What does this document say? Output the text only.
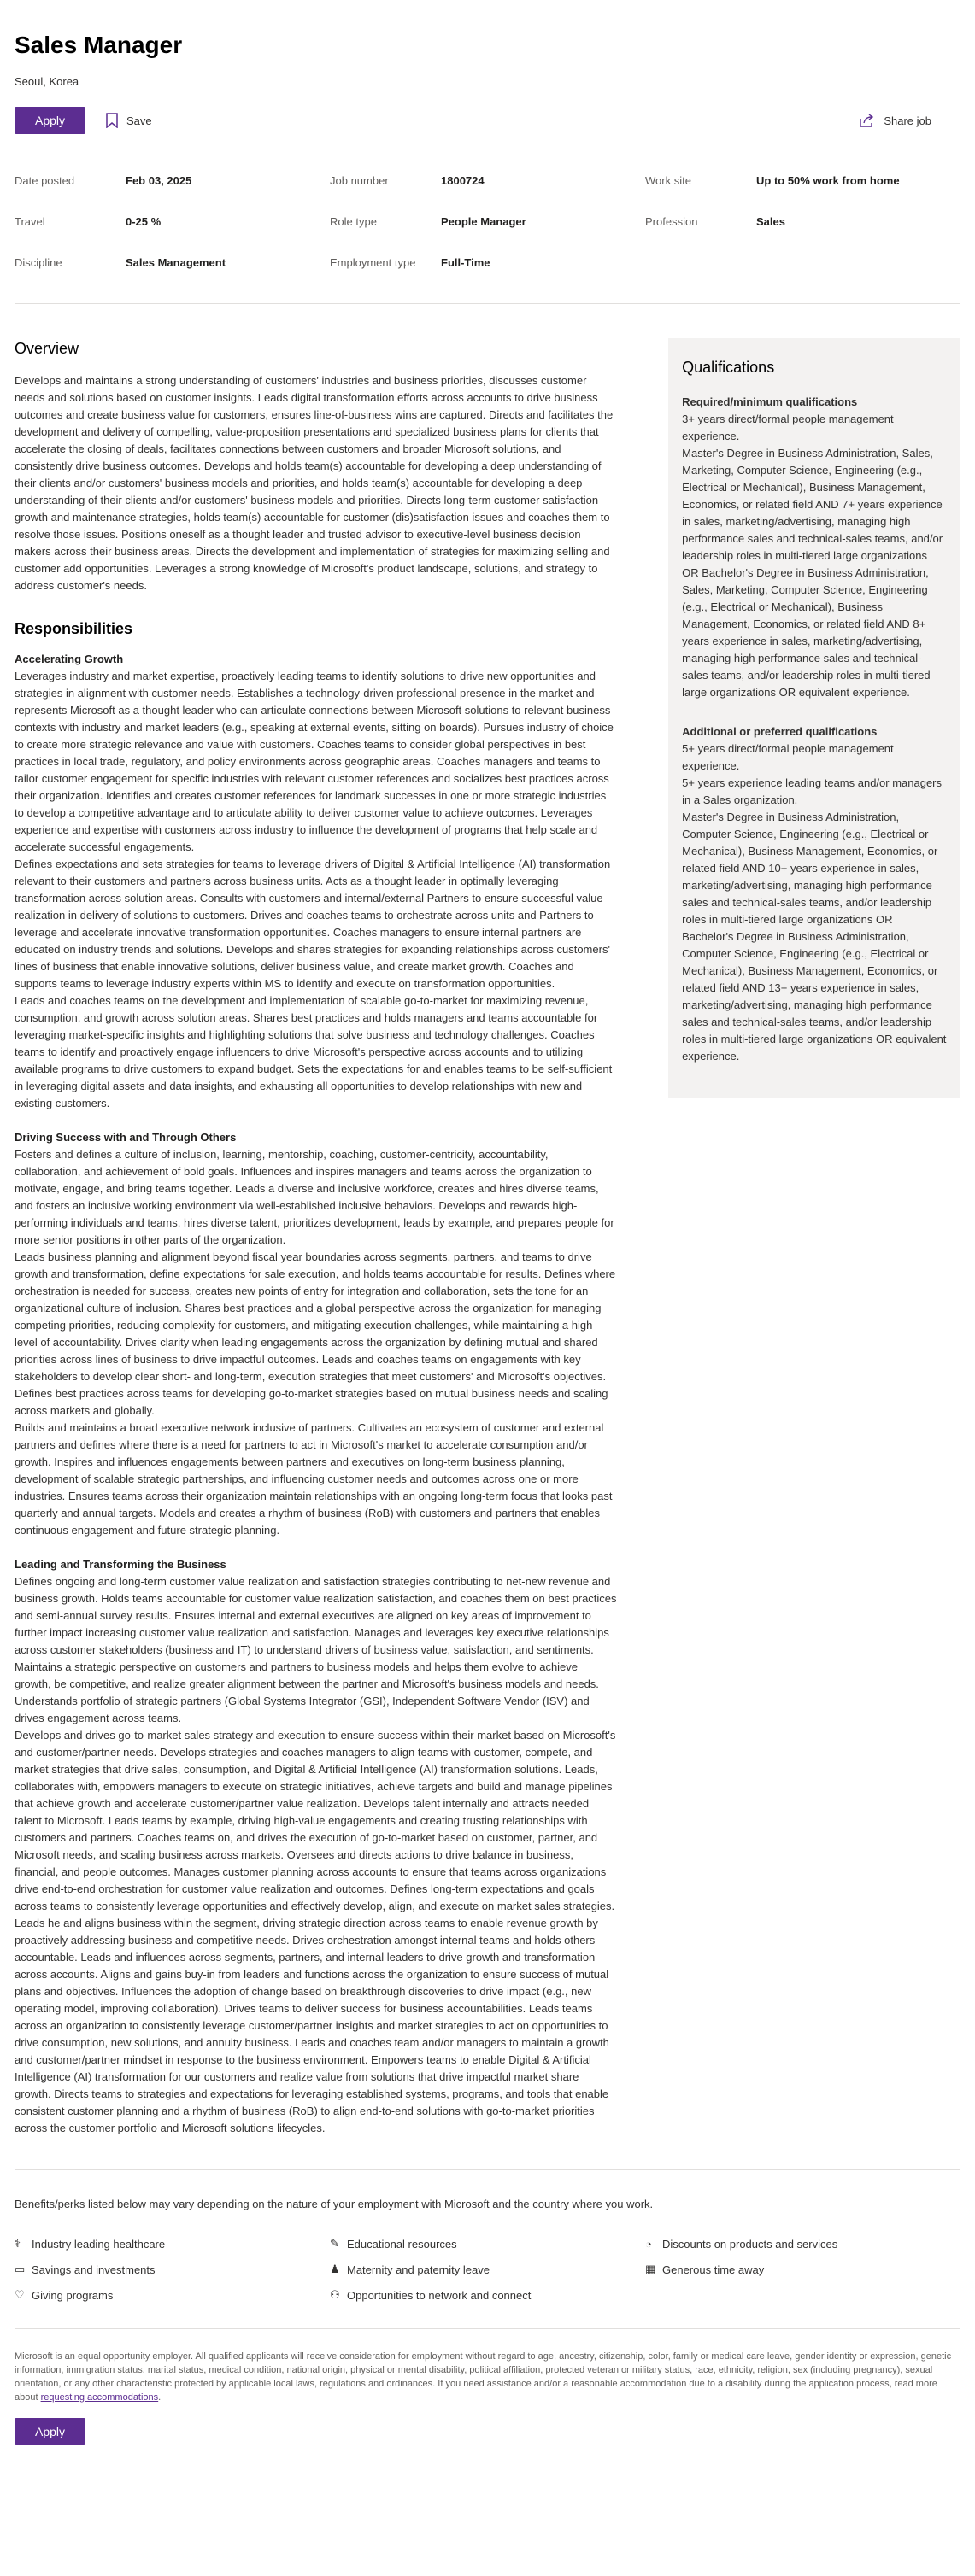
Sales Manager
Seoul, Korea
Apply	Save	Share job
Date posted	Feb 03, 2025	Job number	1800724	Work site	Up to 50% work from home
Travel	0-25 %	Role type	People Manager	Profession	Sales
Discipline	Sales Management	Employment type	Full-Time
Overview

Develops and maintains a strong understanding of customers' industries and business priorities, discusses customer needs and solutions based on customer insights. Leads digital transformation efforts across accounts to drive business outcomes and create business value for customers, ensures line-of-business wins are captured. Directs and facilitates the development and delivery of compelling, value-proposition presentations and specialized business plans for clients that accelerate the closing of deals, facilitates connections between customers and broader Microsoft solutions, and consistently drive business outcomes. Develops and holds team(s) accountable for developing a deep understanding of their clients and/or customers' business models and priorities, and holds team(s) accountable for developing a deep understanding of their clients and/or customers' business models and priorities. Directs long-term customer satisfaction growth and maintenance strategies, holds team(s) accountable for customer (dis)satisfaction issues and coaches them to resolve those issues. Positions oneself as a thought leader and trusted advisor to executive-level business decision makers across their business areas. Directs the development and implementation of strategies for maximizing selling and customer add opportunities. Leverages a strong knowledge of Microsoft's product landscape, solutions, and strategy to address customer's needs.

Responsibilities
Accelerating Growth
Leverages industry and market expertise, proactively leading teams to identify solutions to drive new opportunities and strategies in alignment with customer needs. Establishes a technology-driven professional presence in the market and represents Microsoft as a thought leader who can articulate connections between Microsoft solutions to relevant business contexts with industry and market leaders (e.g., speaking at external events, sitting on boards). Pursues industry of choice to create more strategic relevance and value with customers. Coaches teams to consider global perspectives in best practices in local trade, regulatory, and policy environments across geographic areas. Coaches managers and teams to tailor customer engagement for specific industries with relevant customer references and socializes best practices across their organization. Identifies and creates customer references for landmark successes in one or more strategic industries to develop a competitive advantage and to articulate ability to deliver customer value to achieve outcomes. Leverages experience and expertise with customers across industry to influence the development of programs that help scale and accelerate successful engagements.
Defines expectations and sets strategies for teams to leverage drivers of Digital & Artificial Intelligence (AI) transformation relevant to their customers and partners across business units. Acts as a thought leader in optimally leveraging transformation across solution areas. Consults with customers and internal/external Partners to ensure successful value realization in delivery of solutions to customers. Drives and coaches teams to orchestrate across units and Partners to leverage and accelerate innovative transformation opportunities. Coaches managers to ensure internal partners are educated on industry trends and solutions. Develops and shares strategies for expanding relationships across customers' lines of business that enable innovative solutions, deliver business value, and create market growth. Coaches and supports teams to leverage industry experts within MS to identify and execute on transformation opportunities.
Leads and coaches teams on the development and implementation of scalable go-to-market for maximizing revenue, consumption, and growth across solution areas. Shares best practices and holds managers and teams accountable for leveraging market-specific insights and highlighting solutions that solve business and technology challenges. Coaches teams to identify and proactively engage influencers to drive Microsoft's perspective across accounts and to utilizing available programs to drive customers to expand budget. Sets the expectations for and enables teams to be self-sufficient in leveraging digital assets and data insights, and exhausting all opportunities to develop relationships with new and existing customers.
Driving Success with and Through Others
Fosters and defines a culture of inclusion, learning, mentorship, coaching, customer-centricity, accountability, collaboration, and achievement of bold goals. Influences and inspires managers and teams across the organization to motivate, engage, and bring teams together. Leads a diverse and inclusive workforce, creates and hires diverse teams, and fosters an inclusive working environment via well-established inclusive behaviors. Develops and rewards high-performing individuals and teams, hires diverse talent, prioritizes development, leads by example, and prepares people for more senior positions in other parts of the organization.
Leads business planning and alignment beyond fiscal year boundaries across segments, partners, and teams to drive growth and transformation, define expectations for sale execution, and holds teams accountable for results. Defines where orchestration is needed for success, creates new points of entry for integration and collaboration, sets the tone for an organizational culture of inclusion. Shares best practices and a global perspective across the organization for managing competing priorities, reducing complexity for customers, and mitigating execution challenges, while maintaining a high level of accountability. Drives clarity when leading engagements across the organization by defining mutual and shared priorities across lines of business to drive impactful outcomes. Leads and coaches teams on engagements with key stakeholders to develop clear short- and long-term, execution strategies that meet customers' and Microsoft's objectives. Defines best practices across teams for developing go-to-market strategies based on mutual business needs and scaling across markets and globally.
Builds and maintains a broad executive network inclusive of partners. Cultivates an ecosystem of customer and external partners and defines where there is a need for partners to act in Microsoft's market to accelerate consumption and/or growth. Inspires and influences engagements between partners and executives on long-term business planning, development of scalable strategic partnerships, and influencing customer needs and outcomes across one or more industries. Ensures teams across their organization maintain relationships with an ongoing long-term focus that looks past quarterly and annual targets. Models and creates a rhythm of business (RoB) with customers and partners that enables continuous engagement and future strategic planning.
Leading and Transforming the Business
Defines ongoing and long-term customer value realization and satisfaction strategies contributing to net-new revenue and business growth. Holds teams accountable for customer value realization satisfaction, and coaches them on best practices and semi-annual survey results. Ensures internal and external executives are aligned on key areas of improvement to further impact increasing customer value realization and satisfaction. Manages and leverages key executive relationships across customer stakeholders (business and IT) to understand drivers of business value, satisfaction, and sentiments. Maintains a strategic perspective on customers and partners to business models and helps them evolve to achieve growth, be competitive, and realize greater alignment between the partner and Microsoft's business models and needs. Understands portfolio of strategic partners (Global Systems Integrator (GSI), Independent Software Vendor (ISV) and drives engagement across teams.
Develops and drives go-to-market sales strategy and execution to ensure success within their market based on Microsoft's and customer/partner needs. Develops strategies and coaches managers to align teams with customer, compete, and market strategies that drive sales, consumption, and Digital & Artificial Intelligence (AI) transformation solutions. Leads, collaborates with, empowers managers to execute on strategic initiatives, achieve targets and build and manage pipelines that achieve growth and accelerate customer/partner value realization. Develops talent internally and attracts needed talent to Microsoft. Leads teams by example, driving high-value engagements and creating trusting relationships with customers and partners. Coaches teams on, and drives the execution of go-to-market based on customer, partner, and Microsoft needs, and scaling business across markets. Oversees and directs actions to drive balance in business, financial, and people outcomes. Manages customer planning across accounts to ensure that teams across organizations drive end-to-end orchestration for customer value realization and outcomes. Defines long-term expectations and goals across teams to consistently leverage opportunities and effectively develop, align, and execute on market sales strategies.
Leads he and aligns business within the segment, driving strategic direction across teams to enable revenue growth by proactively addressing business and competitive needs. Drives orchestration amongst internal teams and holds others accountable. Leads and influences across segments, partners, and internal leaders to drive growth and transformation across accounts. Aligns and gains buy-in from leaders and functions across the organization to ensure success of mutual plans and objectives. Influences the adoption of change based on breakthrough discoveries to drive impact (e.g., new operating model, improving collaboration). Drives teams to deliver success for business accountabilities. Leads teams across an organization to consistently leverage customer/partner insights and market strategies to act on opportunities to drive consumption, new solutions, and annuity business. Leads and coaches team and/or managers to maintain a growth and customer/partner mindset in response to the business environment. Empowers teams to enable Digital & Artificial Intelligence (AI) transformation for our customers and realize value from solutions that drive impactful market share growth. Directs teams to strategies and expectations for leveraging established systems, programs, and tools that enable consistent customer planning and a rhythm of business (RoB) to align end-to-end solutions with go-to-market priorities across the customer portfolio and Microsoft solutions lifecycles.
Qualifications
Required/minimum qualifications
3+ years direct/formal people management experience.
Master's Degree in Business Administration, Sales, Marketing, Computer Science, Engineering (e.g., Electrical or Mechanical), Business Management, Economics, or related field AND 7+ years experience in sales, marketing/advertising, managing high performance sales and technical-sales teams, and/or leadership roles in multi-tiered large organizations OR Bachelor's Degree in Business Administration, Sales, Marketing, Computer Science, Engineering (e.g., Electrical or Mechanical), Business Management, Economics, or related field AND 8+ years experience in sales, marketing/advertising, managing high performance sales and technical-sales teams, and/or leadership roles in multi-tiered large organizations OR equivalent experience.
Additional or preferred qualifications
5+ years direct/formal people management experience.
5+ years experience leading teams and/or managers in a Sales organization.
Master's Degree in Business Administration, Computer Science, Engineering (e.g., Electrical or Mechanical), Business Management, Economics, or related field AND 10+ years experience in sales, marketing/advertising, managing high performance sales and technical-sales teams, and/or leadership roles in multi-tiered large organizations OR Bachelor's Degree in Business Administration, Computer Science, Engineering (e.g., Electrical or Mechanical), Business Management, Economics, or related field AND 13+ years experience in sales, marketing/advertising, managing high performance sales and technical-sales teams, and/or leadership roles in multi-tiered large organizations OR equivalent experience.
Benefits/perks listed below may vary depending on the nature of your employment with Microsoft and the country where you work.
⚕ Industry leading healthcare	✎ Educational resources	◔ Discounts on products and services
▭ Savings and investments	♟ Maternity and paternity leave	▦ Generous time away
♡ Giving programs	⚇ Opportunities to network and connect

Microsoft is an equal opportunity employer. All qualified applicants will receive consideration for employment without regard to age, ancestry, citizenship, color, family or medical care leave, gender identity or expression, genetic information, immigration status, marital status, medical condition, national origin, physical or mental disability, political affiliation, protected veteran or military status, race, ethnicity, religion, sex (including pregnancy), sexual orientation, or any other characteristic protected by applicable local laws, regulations and ordinances. If you need assistance and/or a reasonable accommodation due to a disability during the application process, read more about requesting accommodations.

Apply
